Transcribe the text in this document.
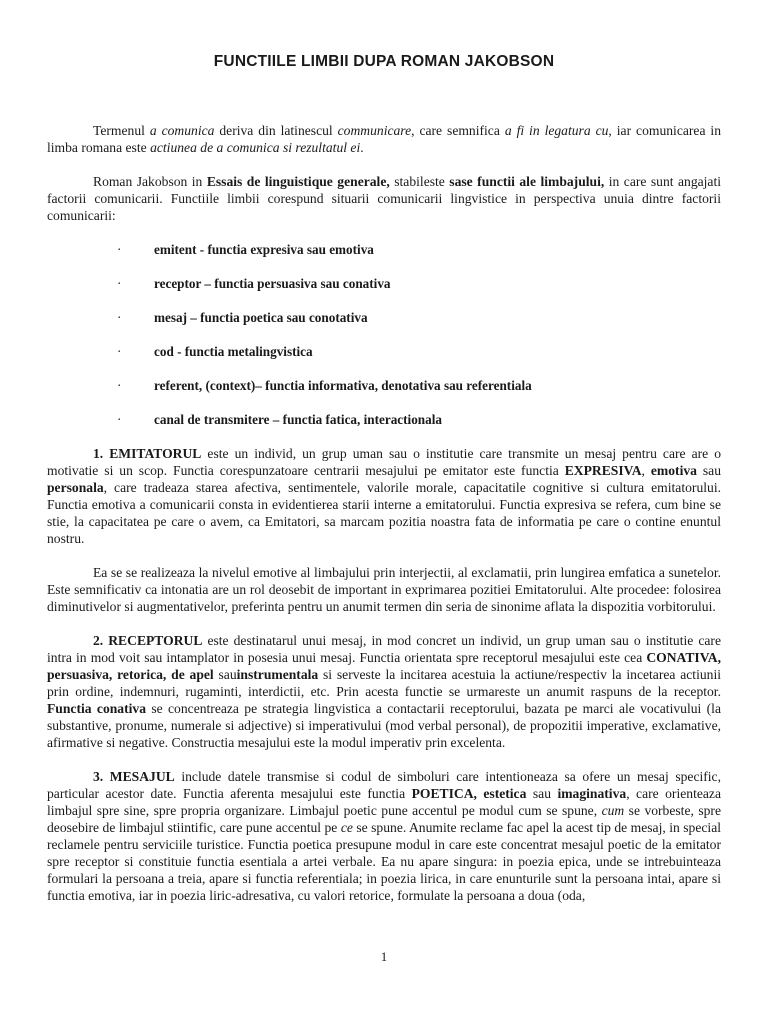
FUNCTIILE LIMBII DUPA ROMAN JAKOBSON

Termenul a comunica deriva din latinescul communicare, care semnifica a fi in legatura cu, iar comunicarea in limba romana este actiunea de a comunica si rezultatul ei.

Roman Jakobson in Essais de linguistique generale, stabileste sase functii ale limbajului, in care sunt angajati factorii comunicarii. Functiile limbii corespund situarii comunicarii lingvistice in perspectiva unuia dintre factorii comunicarii:

· emitent - functia expresiva sau emotiva
· receptor – functia persuasiva sau conativa
· mesaj – functia poetica sau conotativa
· cod - functia metalingvistica
· referent, (context)– functia informativa, denotativa sau referentiala
· canal de transmitere – functia fatica, interactionala

1. EMITATORUL este un individ, un grup uman sau o institutie care transmite un mesaj pentru care are o motivatie si un scop. Functia corespunzatoare centrarii mesajului pe emitator este functia EXPRESIVA, emotiva sau personala, care tradeaza starea afectiva, sentimentele, valorile morale, capacitatile cognitive si cultura emitatorului. Functia emotiva a comunicarii consta in evidentierea starii interne a emitatorului. Functia expresiva se refera, cum bine se stie, la capacitatea pe care o avem, ca Emitatori, sa marcam pozitia noastra fata de informatia pe care o contine enuntul nostru.

Ea se se realizeaza la nivelul emotive al limbajului prin interjectii, al exclamatii, prin lungirea emfatica a sunetelor. Este semnificativ ca intonatia are un rol deosebit de important in exprimarea pozitiei Emitatorului. Alte procedee: folosirea diminutivelor si augmentativelor, preferinta pentru un anumit termen din seria de sinonime aflata la dispozitia vorbitorului.

2. RECEPTORUL este destinatarul unui mesaj, in mod concret un individ, un grup uman sau o institutie care intra in mod voit sau intamplator in posesia unui mesaj. Functia orientata spre receptorul mesajului este cea CONATIVA, persuasiva, retorica, de apel sauinstrumentala si serveste la incitarea acestuia la actiune/respectiv la incetarea actiunii prin ordine, indemnuri, rugaminti, interdictii, etc. Prin acesta functie se urmareste un anumit raspuns de la receptor. Functia conativa se concentreaza pe strategia lingvistica a contactarii receptorului, bazata pe marci ale vocativului (la substantive, pronume, numerale si adjective) si imperativului (mod verbal personal), de propozitii imperative, exclamative, afirmative si negative. Constructia mesajului este la modul imperativ prin excelenta.

3. MESAJUL include datele transmise si codul de simboluri care intentioneaza sa ofere un mesaj specific, particular acestor date. Functia aferenta mesajului este functia POETICA, estetica sau imaginativa, care orienteaza limbajul spre sine, spre propria organizare. Limbajul poetic pune accentul pe modul cum se spune, cum se vorbeste, spre deosebire de limbajul stiintific, care pune accentul pe ce se spune. Anumite reclame fac apel la acest tip de mesaj, in special reclamele pentru serviciile turistice. Functia poetica presupune modul in care este concentrat mesajul poetic de la emitator spre receptor si constituie functia esentiala a artei verbale. Ea nu apare singura: in poezia epica, unde se intrebuinteaza formulari la persoana a treia, apare si functia referentiala; in poezia lirica, in care enunturile sunt la persoana intai, apare si functia emotiva, iar in poezia liric-adresativa, cu valori retorice, formulate la persoana a doua (oda,

1
